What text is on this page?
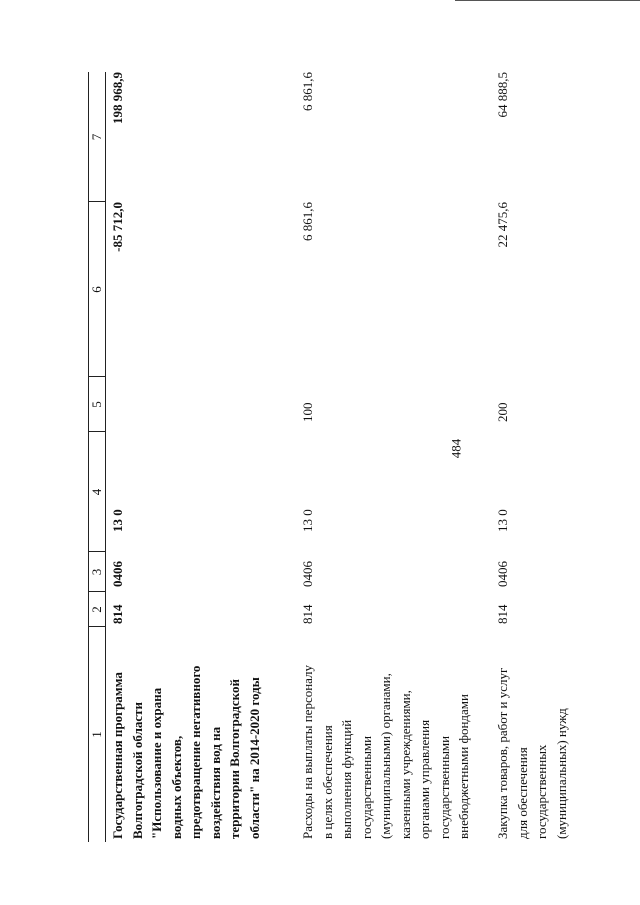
484
1
2
3
4
5
6
7
Государственная программа Волгоградской области "Использование и охрана водных объектов, предотвращение негативного воздействия вод на территории Волгоградской области" на 2014-2020 годы
814
0406
13 0
-85 712,0
198 968,9
Расходы на выплаты персоналу в целях обеспечения выполнения функций государственными (муниципальными) органами, казенными учреждениями, органами управления государственными внебюджетными фондами
814
0406
13 0
100
6 861,6
6 861,6
Закупка товаров, работ и услуг для обеспечения государственных (муниципальных) нужд
814
0406
13 0
200
22 475,6
64 888,5
